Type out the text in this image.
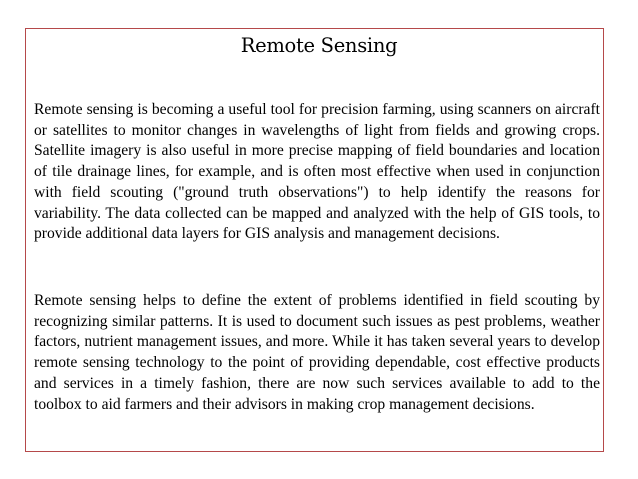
Remote Sensing

Remote sensing is becoming a useful tool for precision farming, using scanners on aircraft or satellites to monitor changes in wavelengths of light from fields and growing crops. Satellite imagery is also useful in more precise mapping of field boundaries and location of tile drainage lines, for example, and is often most effective when used in conjunction with field scouting ("ground truth observations") to help identify the reasons for variability. The data collected can be mapped and analyzed with the help of GIS tools, to provide additional data layers for GIS analysis and management decisions.

Remote sensing helps to define the extent of problems identified in field scouting by recognizing similar patterns. It is used to document such issues as pest problems, weather factors, nutrient management issues, and more. While it has taken several years to develop remote sensing technology to the point of providing dependable, cost effective products and services in a timely fashion, there are now such services available to add to the toolbox to aid farmers and their advisors in making crop management decisions.
